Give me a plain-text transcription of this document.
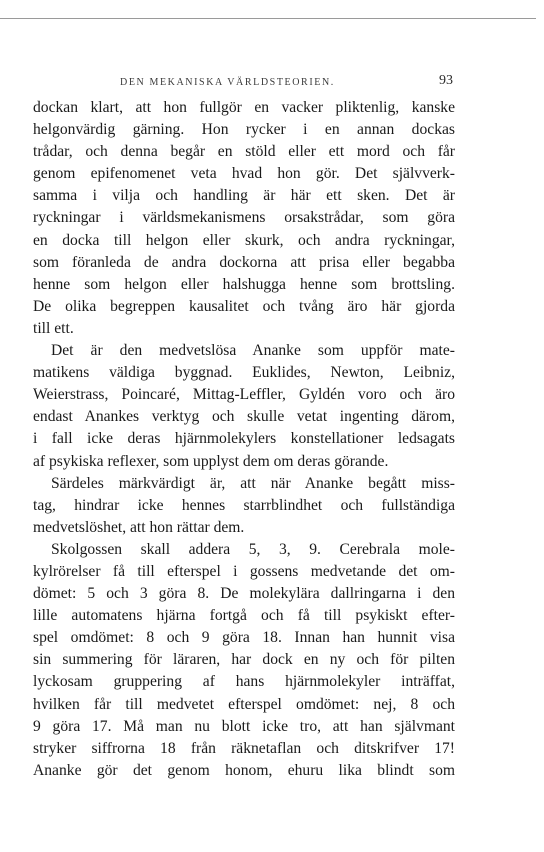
DEN MEKANISKA VÄRLDSTEORIEN.	93
dockan klart, att hon fullgör en vacker pliktenlig, kanske
helgonvärdig gärning. Hon rycker i en annan dockas
trådar, och denna begår en stöld eller ett mord och får
genom epifenomenet veta hvad hon gör. Det självverk-
samma i vilja och handling är här ett sken. Det är
ryckningar i världsmekanismens orsakstrådar, som göra
en docka till helgon eller skurk, och andra ryckningar,
som föranleda de andra dockorna att prisa eller begabba
henne som helgon eller halshugga henne som brottsling.
De olika begreppen kausalitet och tvång äro här gjorda
till ett.
Det är den medvetslösa Ananke som uppför mate-
matikens väldiga byggnad. Euklides, Newton, Leibniz,
Weierstrass, Poincaré, Mittag-Leffler, Gyldén voro och äro
endast Anankes verktyg och skulle vetat ingenting därom,
i fall icke deras hjärnmolekylers konstellationer ledsagats
af psykiska reflexer, som upplyst dem om deras görande.
Särdeles märkvärdigt är, att när Ananke begått miss-
tag, hindrar icke hennes starrblindhet och fullständiga
medvetslöshet, att hon rättar dem.
Skolgossen skall addera 5, 3, 9. Cerebrala mole-
kylrörelser få till efterspel i gossens medvetande det om-
dömet: 5 och 3 göra 8. De molekylära dallringarna i den
lille automatens hjärna fortgå och få till psykiskt efter-
spel omdömet: 8 och 9 göra 18. Innan han hunnit visa
sin summering för läraren, har dock en ny och för pilten
lyckosam gruppering af hans hjärnmolekyler inträffat,
hvilken får till medvetet efterspel omdömet: nej, 8 och
9 göra 17. Må man nu blott icke tro, att han självmant
stryker siffrorna 18 från räknetaflan och ditskrifver 17!
Ananke gör det genom honom, ehuru lika blindt som
